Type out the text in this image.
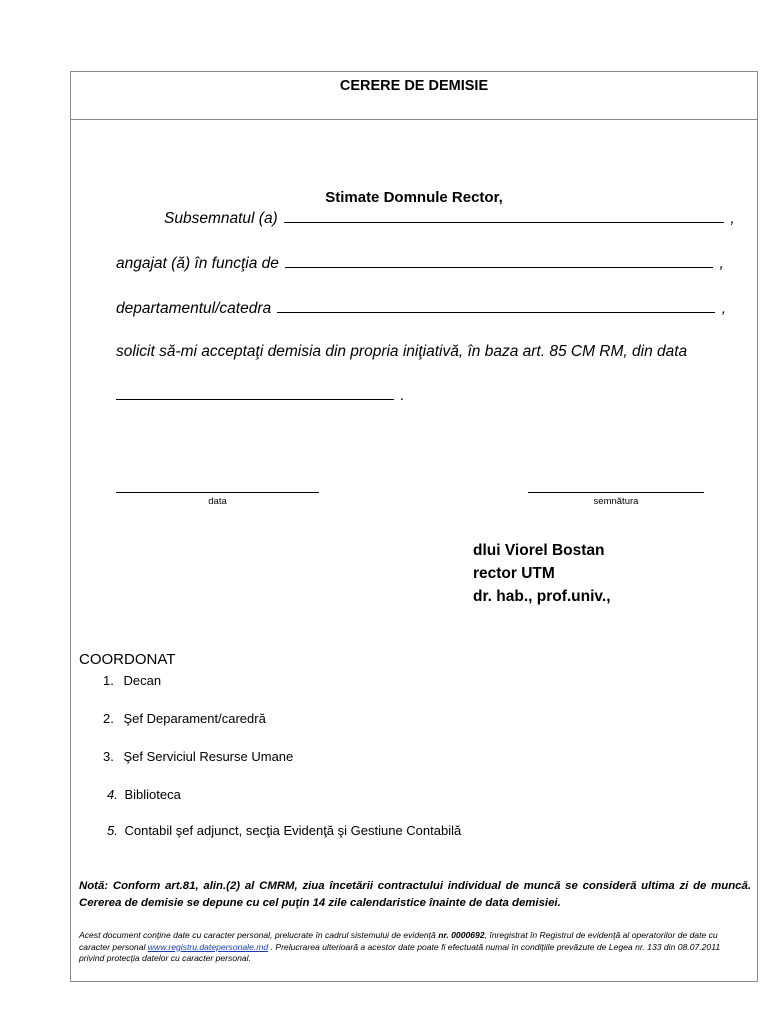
CERERE DE DEMISIE
Stimate Domnule Rector,
Subsemnatul (a)	,
angajat (ă) în funcţia de	,
departamentul/catedra	,
solicit să-mi acceptaţi demisia din propria iniţiativă, în baza art. 85 CM RM, din data
.
data	semnătura
dlui Viorel Bostan
rector UTM
dr. hab., prof.univ.,
COORDONAT
1. Decan
2. Şef Deparament/caredră
3. Şef Serviciul Resurse Umane
4. Biblioteca
5. Contabil şef adjunct, secţia Evidenţă şi Gestiune Contabilă
Notă: Conform art.81, alin.(2) al CMRM, ziua încetării contractului individual de muncă se consideră ultima zi de muncă. Cererea de demisie se depune cu cel puţin 14 zile calendaristice înainte de data demisiei.
Acest document conţine date cu caracter personal, prelucrate în cadrul sistemului de evidenţă nr. 0000692, înregistrat în Registrul de evidenţă al operatorilor de date cu caracter personal www.registru.datepersonale.md . Prelucrarea ulterioară a acestor date poate fi efectuată numai în condiţiile prevăzute de Legea nr. 133 din 08.07.2011 privind protecţia datelor cu caracter personal.
